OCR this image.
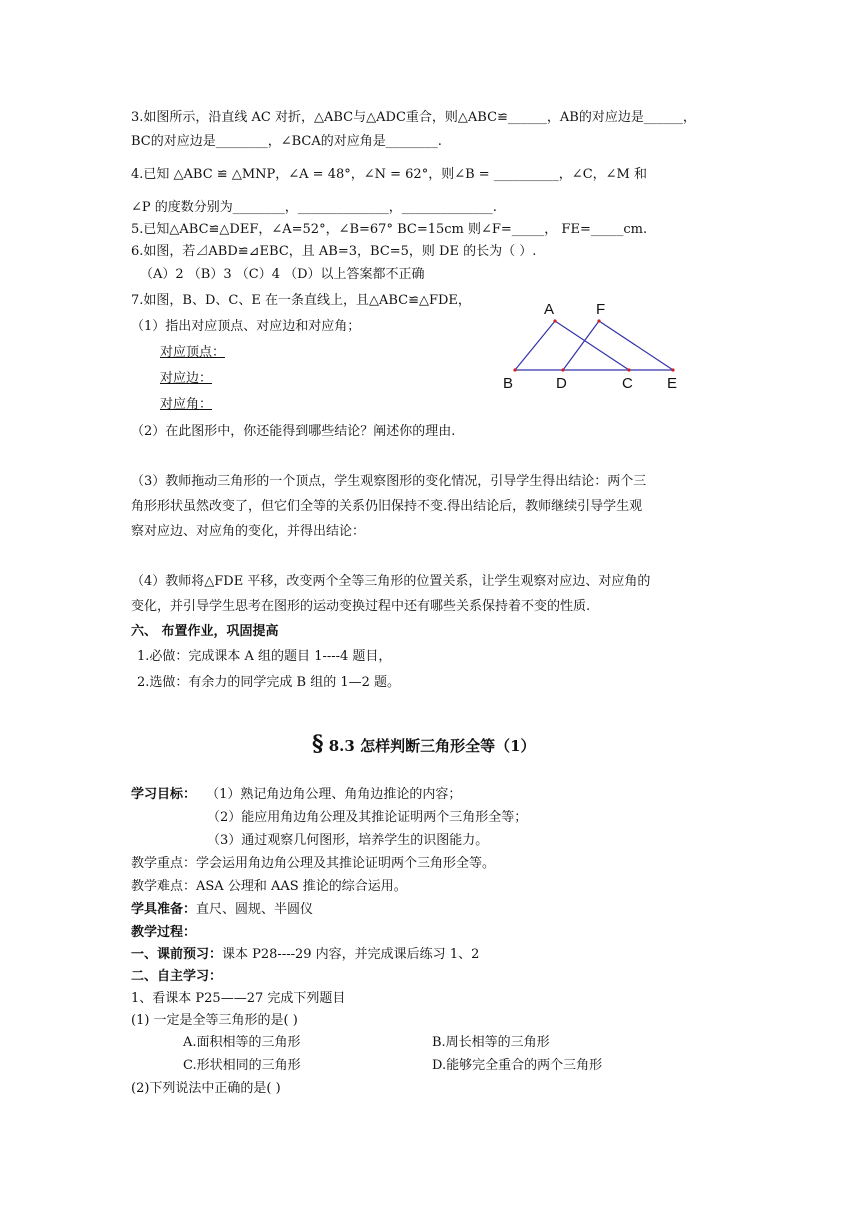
3.如图所示，沿直线 AC 对折，△ABC与△ADC重合，则△ABC≌______，AB的对应边是______，
BC的对应边是________，∠BCA的对应角是________.
4.已知 △ABC ≌ △MNP，∠A = 48°，∠N = 62°，则∠B = __________，∠C，∠M 和
∠P 的度数分别为________，______________，______________.
5.已知△ABC≌△DEF，∠A=52°，∠B=67° BC=15cm 则∠F=_____， FE=_____cm.
6.如图，若⊿ABD≌⊿EBC，且 AB=3，BC=5，则 DE 的长为（ ）.
（A）2 （B）3 （C）4 （D）以上答案都不正确
7.如图，B、D、C、E 在一条直线上，且△ABC≌△FDE，
（1）指出对应顶点、对应边和对应角；
对应顶点：
对应边：
对应角：
（2）在此图形中，你还能得到哪些结论？阐述你的理由.
A	F
B	D	C E
（3）教师拖动三角形的一个顶点，学生观察图形的变化情况，引导学生得出结论：两个三
角形形状虽然改变了，但它们全等的关系仍旧保持不变.得出结论后，教师继续引导学生观
察对应边、对应角的变化，并得出结论：
（4）教师将△FDE 平移，改变两个全等三角形的位置关系，让学生观察对应边、对应角的
变化，并引导学生思考在图形的运动变换过程中还有哪些关系保持着不变的性质.
六、 布置作业，巩固提高
1.必做：完成课本 A 组的题目 1----4 题目，
2.选做：有余力的同学完成 B 组的 1—2 题。
§ 8.3 怎样判断三角形全等（1）
学习目标： （1）熟记角边角公理、角角边推论的内容；
（2）能应用角边角公理及其推论证明两个三角形全等；
（3）通过观察几何图形，培养学生的识图能力。
教学重点：学会运用角边角公理及其推论证明两个三角形全等。
教学难点：ASA 公理和 AAS 推论的综合运用。
学具准备：直尺、圆规、半圆仪
教学过程：
一、课前预习：课本 P28----29 内容，并完成课后练习 1、2
二、自主学习：
1、看课本 P25——27 完成下列题目
(1) 一定是全等三角形的是( )
A.面积相等的三角形	B.周长相等的三角形
C.形状相同的三角形	D.能够完全重合的两个三角形
(2)下列说法中正确的是( )
